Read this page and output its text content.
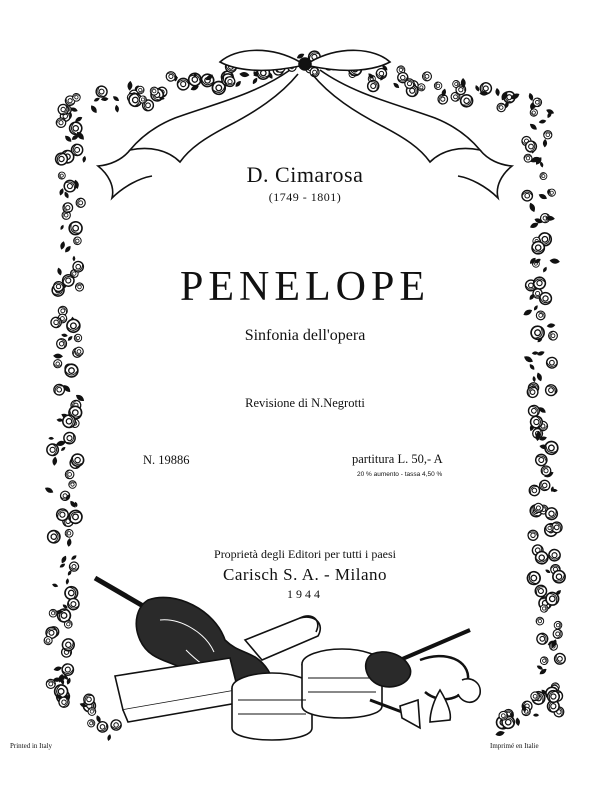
D. Cimarosa
(1749 - 1801)
PENELOPE
Sinfonia dell'opera
Revisione di N.Negrotti
N. 19886	partitura L. 50,- A
20 % aumento - tassa 4,50 %
Proprietà degli Editori per tutti i paesi
Carisch S. A. - Milano
1944
Printed in Italy	Imprimé en Italie
